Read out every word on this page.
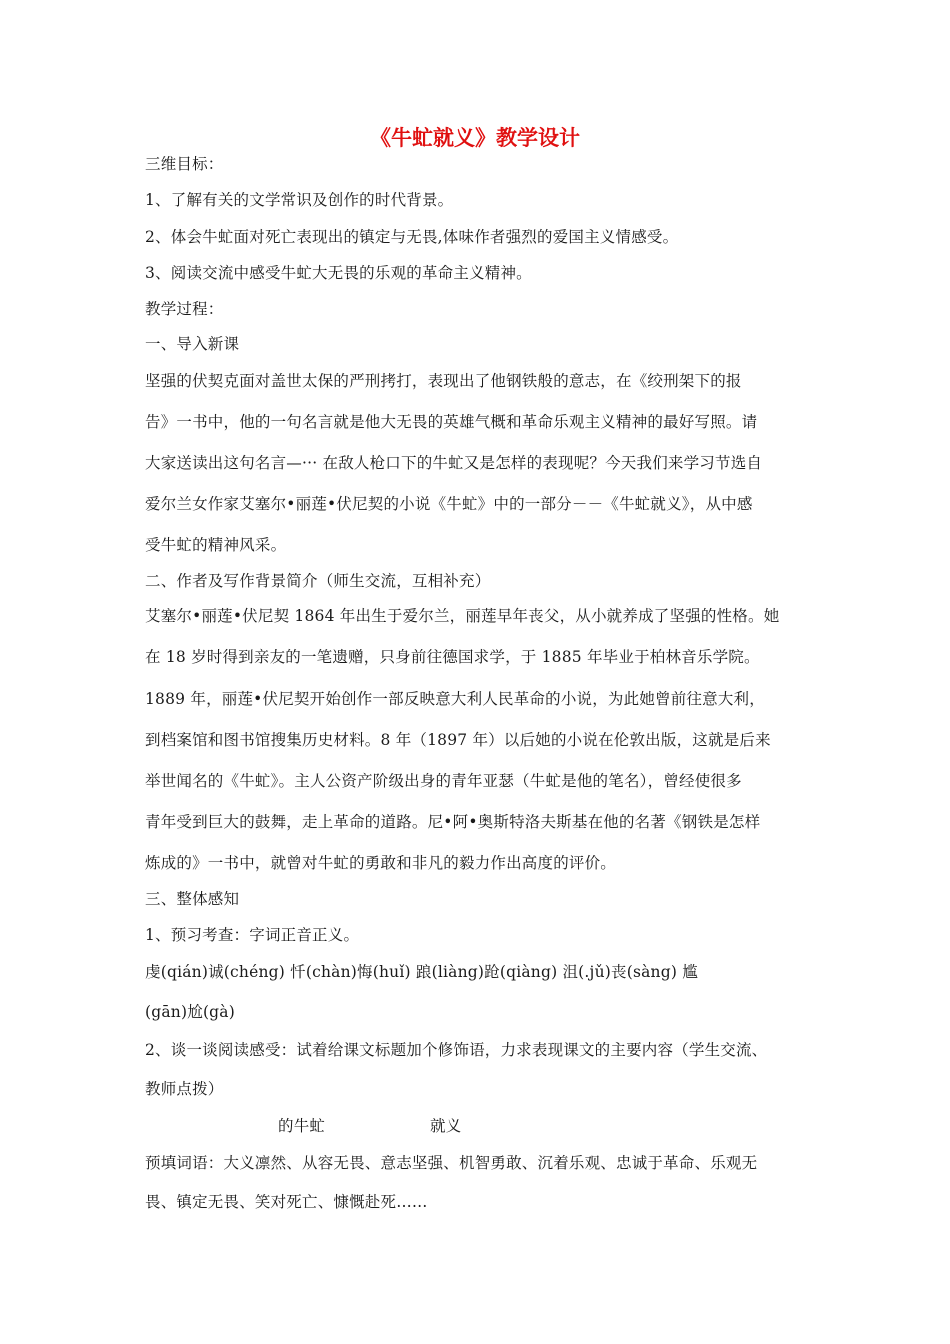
《牛虻就义》教学设计
三维目标：
1、了解有关的文学常识及创作的时代背景。
2、体会牛虻面对死亡表现出的镇定与无畏,体味作者强烈的爱国主义情感受。
3、阅读交流中感受牛虻大无畏的乐观的革命主义精神。
教学过程：
一、导入新课
坚强的伏契克面对盖世太保的严刑拷打，表现出了他钢铁般的意志，在《绞刑架下的报
告》一书中，他的一句名言就是他大无畏的英雄气概和革命乐观主义精神的最好写照。请
大家送读出这句名言—··· 在敌人枪口下的牛虻又是怎样的表现呢？今天我们来学习节选自
爱尔兰女作家艾塞尔•丽莲•伏尼契的小说《牛虻》中的一部分－－《牛虻就义》，从中感
受牛虻的精神风采。
二、作者及写作背景简介（师生交流，互相补充）
艾塞尔•丽莲•伏尼契 1864 年出生于爱尔兰，丽莲早年丧父，从小就养成了坚强的性格。她
在 18 岁时得到亲友的一笔遗赠，只身前往德国求学，于 1885 年毕业于柏林音乐学院。
1889 年，丽莲•伏尼契开始创作一部反映意大利人民革命的小说，为此她曾前往意大利，
到档案馆和图书馆搜集历史材料。8 年（1897 年）以后她的小说在伦敦出版，这就是后来
举世闻名的《牛虻》。主人公资产阶级出身的青年亚瑟（牛虻是他的笔名），曾经使很多
青年受到巨大的鼓舞，走上革命的道路。尼•阿•奥斯特洛夫斯基在他的名著《钢铁是怎样
炼成的》一书中，就曾对牛虻的勇敢和非凡的毅力作出高度的评价。
三、整体感知
1、预习考查：字词正音正义。
虔(qián)诚(chéng) 忏(chàn)悔(huǐ) 踉(liàng)跄(qiàng) 沮(.jǔ)丧(sàng) 尴
(gān)尬(gà)
2、谈一谈阅读感受：试着给课文标题加个修饰语，力求表现课文的主要内容（学生交流、
教师点拨）
的牛虻	就义
预填词语：大义凛然、从容无畏、意志坚强、机智勇敢、沉着乐观、忠诚于革命、乐观无
畏、镇定无畏、笑对死亡、慷慨赴死……
